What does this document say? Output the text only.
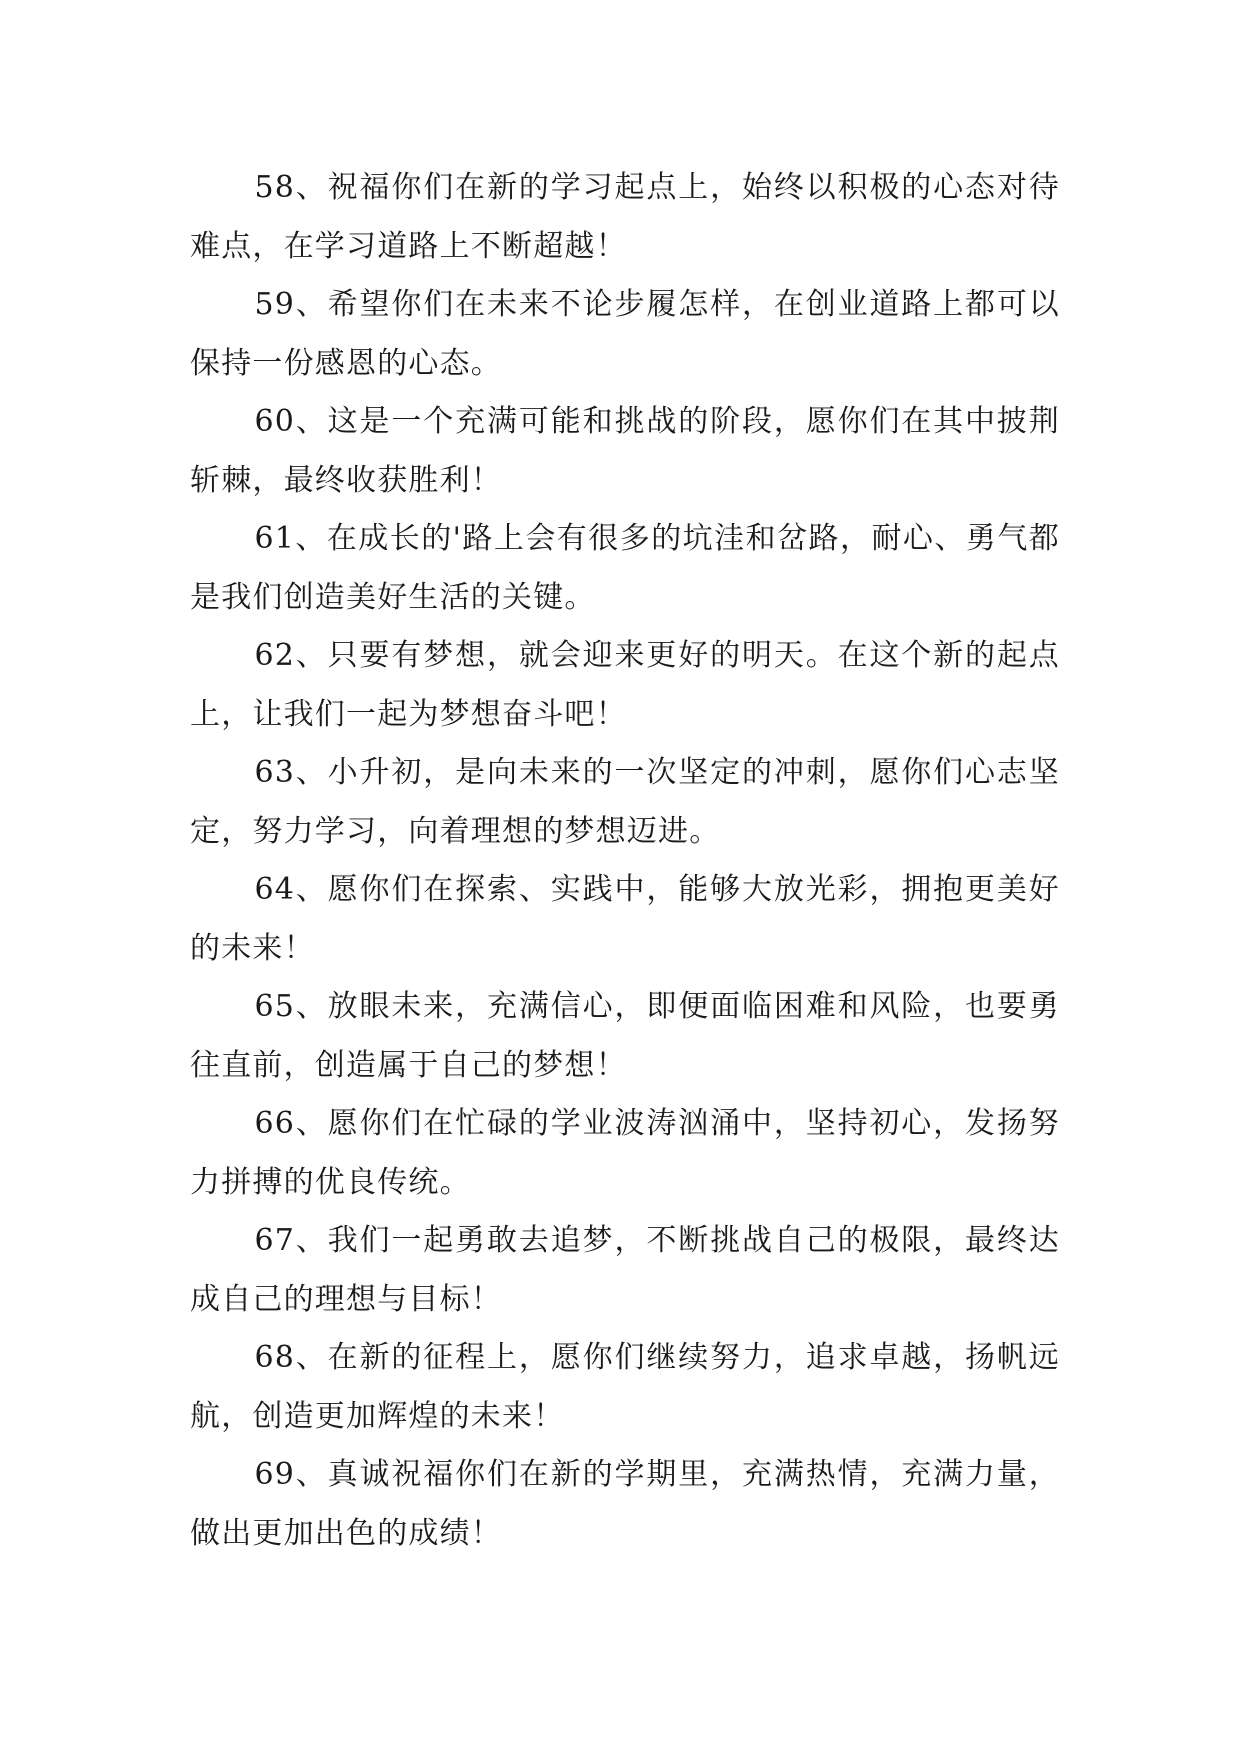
58、祝福你们在新的学习起点上，始终以积极的心态对待难点，在学习道路上不断超越！

59、希望你们在未来不论步履怎样，在创业道路上都可以保持一份感恩的心态。

60、这是一个充满可能和挑战的阶段，愿你们在其中披荆斩棘，最终收获胜利！

61、在成长的'路上会有很多的坑洼和岔路，耐心、勇气都是我们创造美好生活的关键。

62、只要有梦想，就会迎来更好的明天。在这个新的起点上，让我们一起为梦想奋斗吧！

63、小升初，是向未来的一次坚定的冲刺，愿你们心志坚定，努力学习，向着理想的梦想迈进。

64、愿你们在探索、实践中，能够大放光彩，拥抱更美好的未来！

65、放眼未来，充满信心，即便面临困难和风险，也要勇往直前，创造属于自己的梦想！

66、愿你们在忙碌的学业波涛汹涌中，坚持初心，发扬努力拼搏的优良传统。

67、我们一起勇敢去追梦，不断挑战自己的极限，最终达成自己的理想与目标！

68、在新的征程上，愿你们继续努力，追求卓越，扬帆远航，创造更加辉煌的未来！

69、真诚祝福你们在新的学期里，充满热情，充满力量，做出更加出色的成绩！
